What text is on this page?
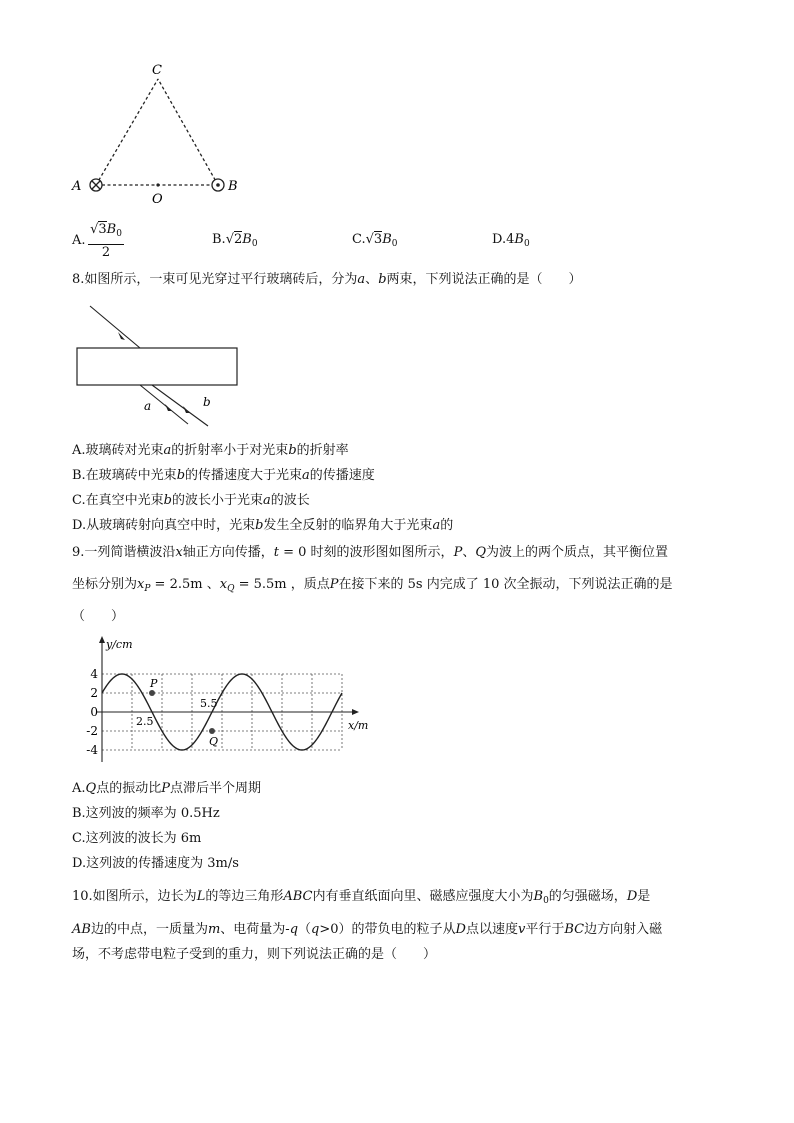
C
A	B
O
A.
$√3B_0$
2
$B.√2B_0$	$C.√3B_0$	$D.4B_0$
8.如图所示，一束可见光穿过平行玻璃砖后，分为a、b两束，下列说法正确的是（　　）
a	b
A.玻璃砖对光束a的折射率小于对光束b的折射率
B.在玻璃砖中光束b的传播速度大于光束a的传播速度
C.在真空中光束b的波长小于光束a的波长
D.从玻璃砖射向真空中时，光束b发生全反射的临界角大于光束a的
9.一列简谐横波沿x轴正方向传播，t = 0 时刻的波形图如图所示，P、Q为波上的两个质点，其平衡位置
坐标分别为$x_P = 2.5m$ 、$x_Q = 5.5m$ ，质点P在接下来的 5s 内完成了 10 次全振动，下列说法正确的是
（　　）
y/cm
x/m
4
2
0
-2
-4
P
Q
2.5
5.5
A.Q点的振动比P点滞后半个周期
B.这列波的频率为 0.5Hz
C.这列波的波长为 6m
D.这列波的传播速度为 3m/s
10.如图所示，边长为L的等边三角形ABC内有垂直纸面向里、磁感应强度大小为$B_0$的匀强磁场，D是
AB边的中点，一质量为m、电荷量为-q（q>0）的带负电的粒子从D点以速度v平行于BC边方向射入磁
场，不考虑带电粒子受到的重力，则下列说法正确的是（　　）
